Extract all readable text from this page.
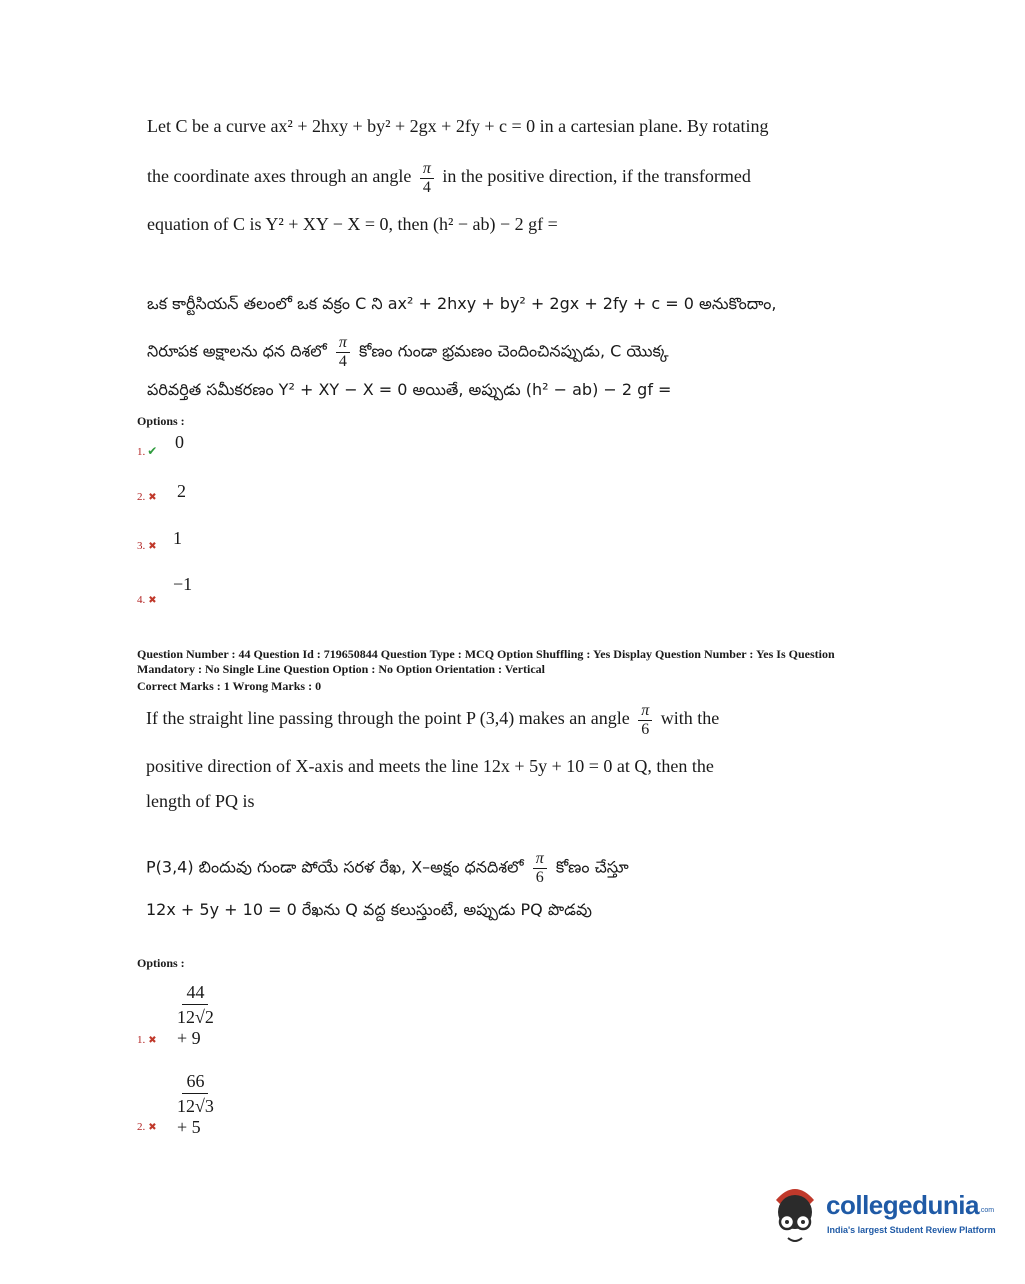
Let C be a curve ax² + 2hxy + by² + 2gx + 2fy + c = 0 in a cartesian plane. By rotating
the coordinate axes through an angle $\frac{\pi}{4}$ in the positive direction, if the transformed
equation of C is Y² + XY − X = 0, then (h² − ab) − 2 gf =
ఒక కార్టీసియన్ తలంలో ఒక వక్రం C ని ax² + 2hxy + by² + 2gx + 2fy + c = 0 అనుకొందాం,
నిరూపక అక్షాలను ధన దిశలో $\frac{\pi}{4}$ కోణం గుండా భ్రమణం చెందించినప్పుడు, C యొక్క
పరివర్తిత సమీకరణం Y² + XY − X = 0 అయితే, అప్పుడు (h² − ab) − 2 gf =
Options :
1. ✔ 0
2. ✖ 2
3. ✖ 1
4. ✖
−1
Question Number : 44 Question Id : 719650844 Question Type : MCQ Option Shuffling : Yes Display Question Number : Yes Is Question
Mandatory : No Single Line Question Option : No Option Orientation : Vertical
Correct Marks : 1 Wrong Marks : 0
If the straight line passing through the point P (3,4) makes an angle $\frac{\pi}{6}$ with the
positive direction of X-axis and meets the line 12x + 5y + 10 = 0 at Q, then the
length of PQ is
P(3,4) బిందువు గుండా పోయే సరళ రేఖ, X–అక్షం ధనదిశలో $\frac{\pi}{6}$ కోణం చేస్తూ
12x + 5y + 10 = 0 రేఖను Q వద్ద కలుస్తుంటే, అప్పుడు PQ పొడవు
Options :
$\frac{44}{12√2 + 9}$
1. ✖
$\frac{66}{12√3 + 5}$
2. ✖
collegedunia.com
India's largest Student Review Platform
